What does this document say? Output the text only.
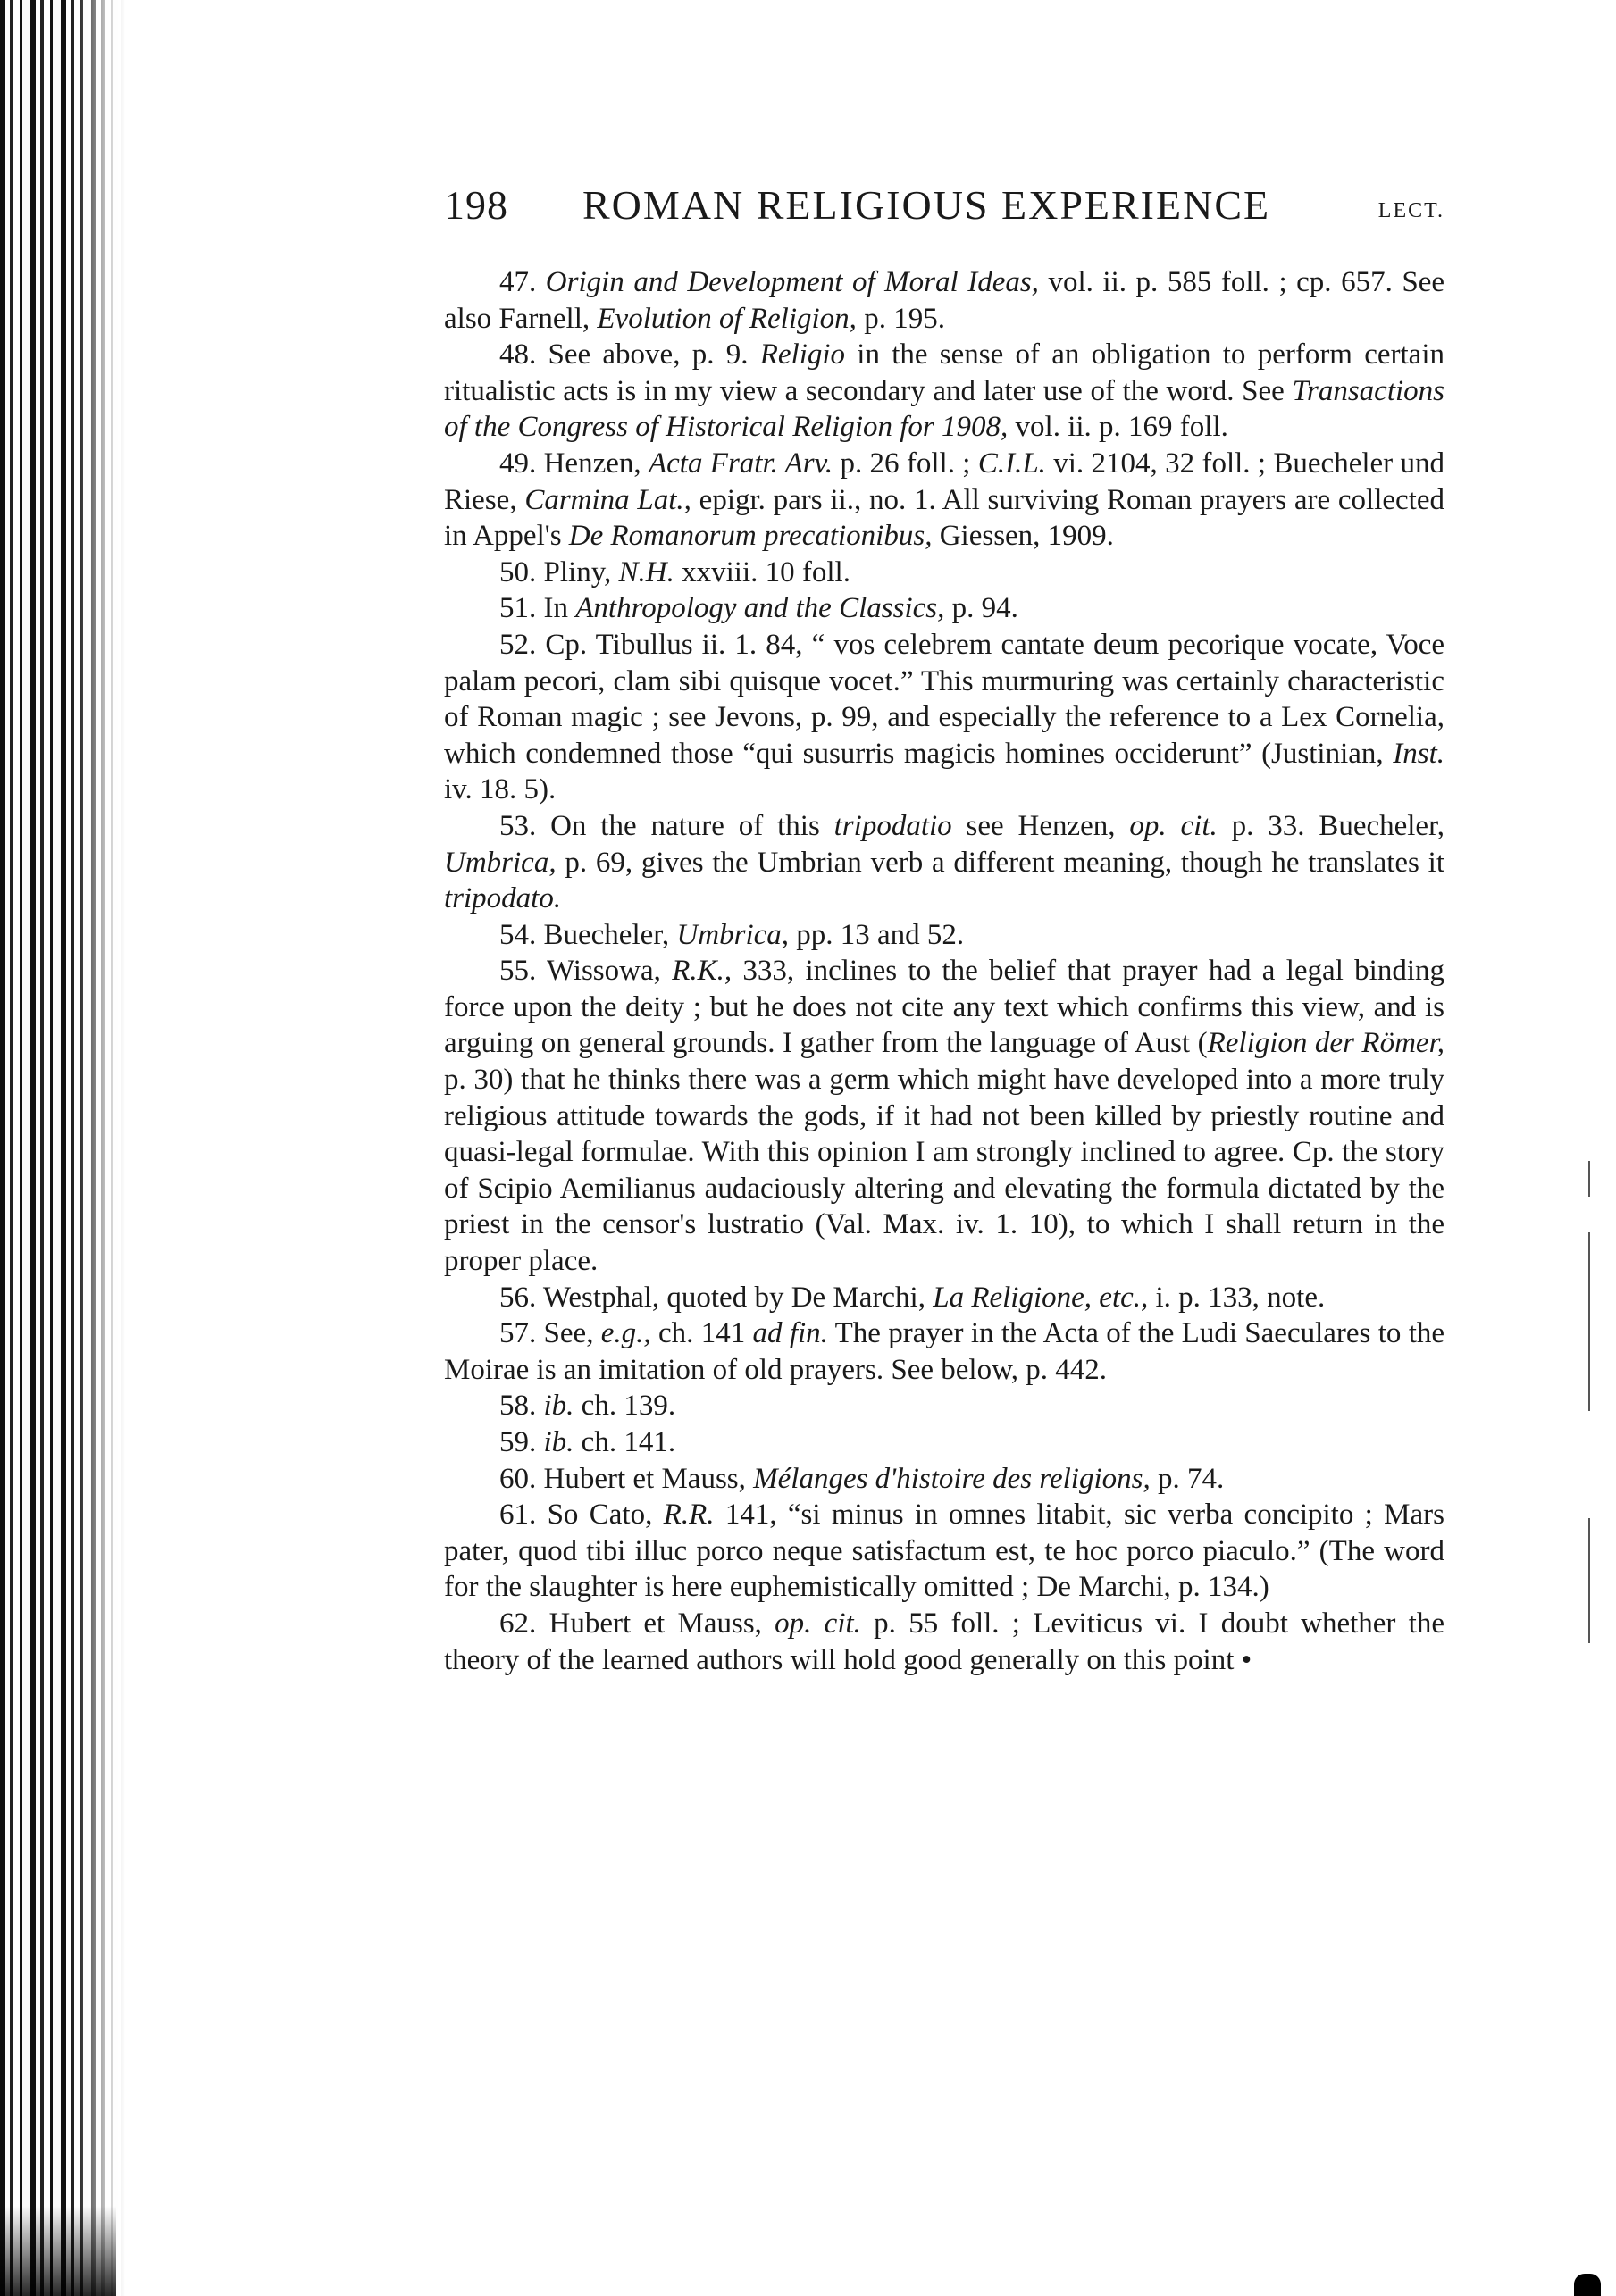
198 ROMAN RELIGIOUS EXPERIENCE	LECT.

47. Origin and Development of Moral Ideas, vol. ii. p. 585 foll. ; cp. 657. See also Farnell, Evolution of Religion, p. 195.

48. See above, p. 9. Religio in the sense of an obligation to perform certain ritualistic acts is in my view a secondary and later use of the word. See Transactions of the Congress of Historical Religion for 1908, vol. ii. p. 169 foll.

49. Henzen, Acta Fratr. Arv. p. 26 foll. ; C.I.L. vi. 2104, 32 foll. ; Buecheler und Riese, Carmina Lat., epigr. pars ii., no. 1. All surviving Roman prayers are collected in Appel's De Romanorum precationibus, Giessen, 1909.

50. Pliny, N.H. xxviii. 10 foll.

51. In Anthropology and the Classics, p. 94.

52. Cp. Tibullus ii. 1. 84, “ vos celebrem cantate deum pecorique vocate, Voce palam pecori, clam sibi quisque vocet.” This murmuring was certainly characteristic of Roman magic ; see Jevons, p. 99, and especially the reference to a Lex Cornelia, which condemned those “qui susurris magicis homines occiderunt” (Justinian, Inst. iv. 18. 5).

53. On the nature of this tripodatio see Henzen, op. cit. p. 33. Buecheler, Umbrica, p. 69, gives the Umbrian verb a different meaning, though he translates it tripodato.

54. Buecheler, Umbrica, pp. 13 and 52.

55. Wissowa, R.K., 333, inclines to the belief that prayer had a legal binding force upon the deity ; but he does not cite any text which confirms this view, and is arguing on general grounds. I gather from the language of Aust (Religion der Römer, p. 30) that he thinks there was a germ which might have developed into a more truly religious attitude towards the gods, if it had not been killed by priestly routine and quasi-legal formulae. With this opinion I am strongly inclined to agree. Cp. the story of Scipio Aemilianus audaciously altering and elevating the formula dictated by the priest in the censor's lustratio (Val. Max. iv. 1. 10), to which I shall return in the proper place.

56. Westphal, quoted by De Marchi, La Religione, etc., i. p. 133, note.

57. See, e.g., ch. 141 ad fin. The prayer in the Acta of the Ludi Saeculares to the Moirae is an imitation of old prayers. See below, p. 442.

58. ib. ch. 139.

59. ib. ch. 141.

60. Hubert et Mauss, Mélanges d'histoire des religions, p. 74.

61. So Cato, R.R. 141, “si minus in omnes litabit, sic verba concipito ; Mars pater, quod tibi illuc porco neque satisfactum est, te hoc porco piaculo.” (The word for the slaughter is here euphemistically omitted ; De Marchi, p. 134.)

62. Hubert et Mauss, op. cit. p. 55 foll. ; Leviticus vi. I doubt whether the theory of the learned authors will hold good generally on this point •
